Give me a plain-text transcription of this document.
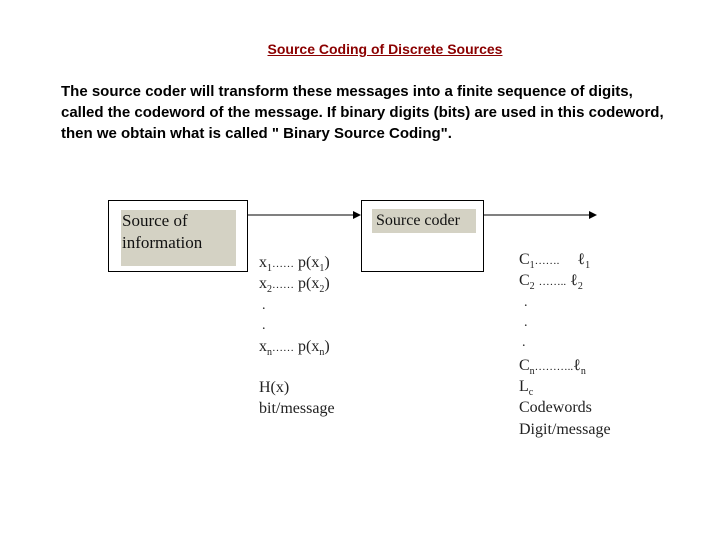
Source Coding of Discrete Sources
The source coder will transform these messages into a finite sequence of digits,
called the codeword of the message. If binary digits (bits) are used in this codeword,
then we obtain what is called " Binary Source Coding".
Source of
information
Source coder
$x_1\dots\dots$ $p(x_1)$
$x_2\dots\dots$ $p(x_2)$
.
.
$x_n\dots\dots$ $p(x_n)$
H(x)
bit/message
$C_1\dots\dots$. ℓ$_1$
$C_2$ …….. ℓ$_2$
.
.
.
$C_n\dots\dots\dots..\ell_n$
$L_c$
Codewords
Digit/message
